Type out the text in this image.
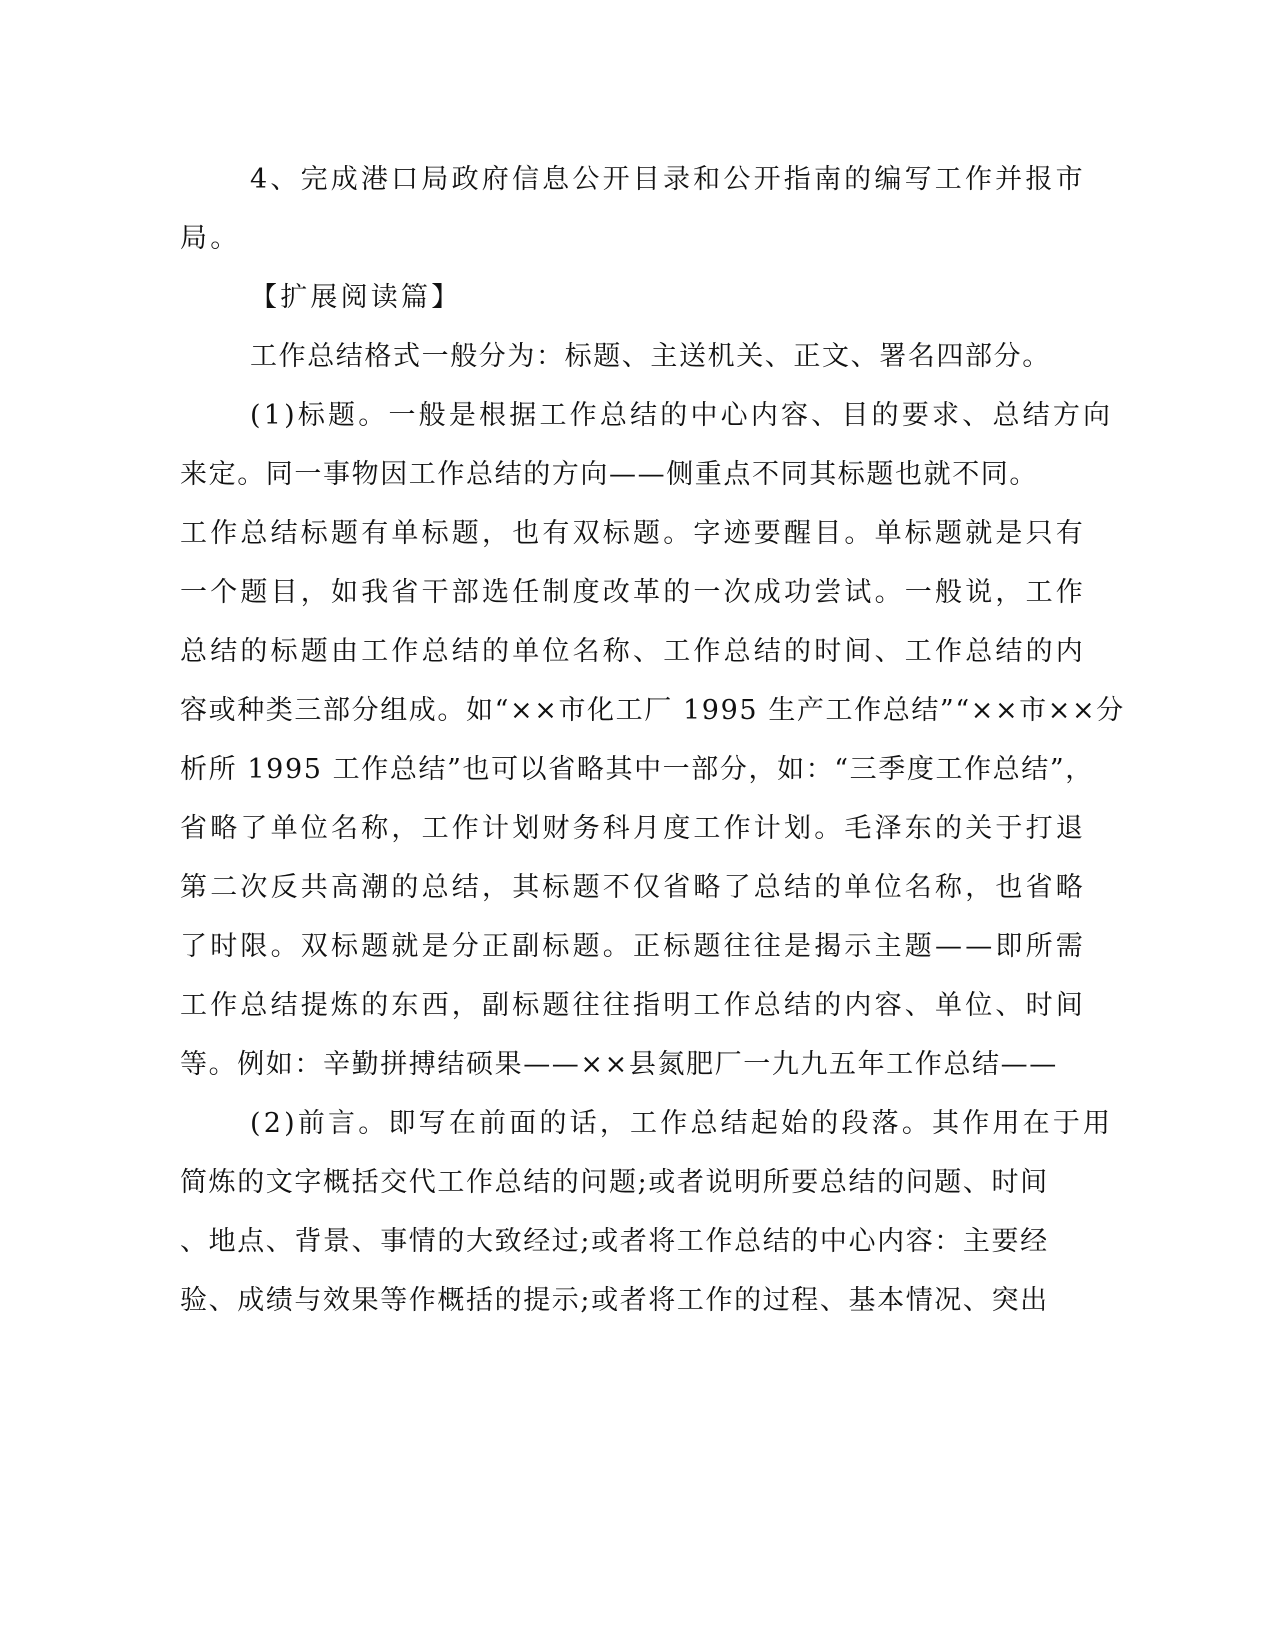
4、完成港口局政府信息公开目录和公开指南的编写工作并报市
局。
【扩展阅读篇】
工作总结格式一般分为：标题、主送机关、正文、署名四部分。
(1)标题。一般是根据工作总结的中心内容、目的要求、总结方向
来定。同一事物因工作总结的方向——侧重点不同其标题也就不同。
工作总结标题有单标题，也有双标题。字迹要醒目。单标题就是只有
一个题目，如我省干部选任制度改革的一次成功尝试。一般说，工作
总结的标题由工作总结的单位名称、工作总结的时间、工作总结的内
容或种类三部分组成。如“××市化工厂 1995 生产工作总结”“××市××分
析所 1995 工作总结”也可以省略其中一部分，如：“三季度工作总结”，
省略了单位名称，工作计划财务科月度工作计划。毛泽东的关于打退
第二次反共高潮的总结，其标题不仅省略了总结的单位名称，也省略
了时限。双标题就是分正副标题。正标题往往是揭示主题——即所需
工作总结提炼的东西，副标题往往指明工作总结的内容、单位、时间
等。例如：辛勤拼搏结硕果——××县氮肥厂一九九五年工作总结——
(2)前言。即写在前面的话，工作总结起始的段落。其作用在于用
简炼的文字概括交代工作总结的问题;或者说明所要总结的问题、时间
、地点、背景、事情的大致经过;或者将工作总结的中心内容：主要经
验、成绩与效果等作概括的提示;或者将工作的过程、基本情况、突出
